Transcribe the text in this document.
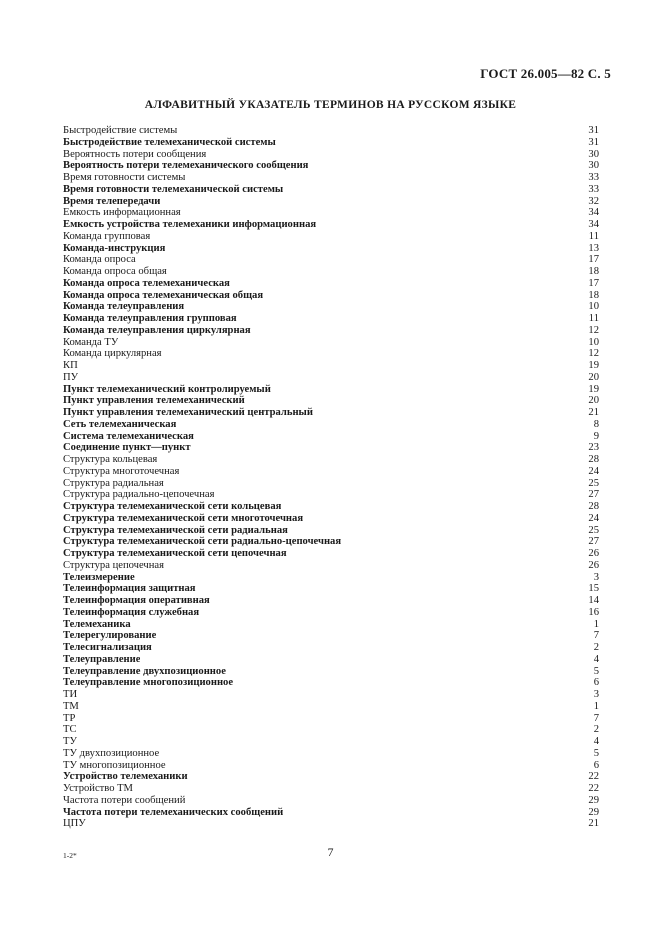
ГОСТ 26.005—82 С. 5
АЛФАВИТНЫЙ УКАЗАТЕЛЬ ТЕРМИНОВ НА РУССКОМ ЯЗЫКЕ
Быстродействие системы	31
Быстродействие телемеханической системы	31
Вероятность потери сообщения	30
Вероятность потери телемеханического сообщения	30
Время готовности системы	33
Время готовности телемеханической системы	33
Время телепередачи	32
Емкость информационная	34
Емкость устройства телемеханики информационная	34
Команда групповая	11
Команда-инструкция	13
Команда опроса	17
Команда опроса общая	18
Команда опроса телемеханическая	17
Команда опроса телемеханическая общая	18
Команда телеуправления	10
Команда телеуправления групповая	11
Команда телеуправления циркулярная	12
Команда ТУ	10
Команда циркулярная	12
КП	19
ПУ	20
Пункт телемеханический контролируемый	19
Пункт управления телемеханический	20
Пункт управления телемеханический центральный	21
Сеть телемеханическая	8
Система телемеханическая	9
Соединение пункт—пункт	23
Структура кольцевая	28
Структура многоточечная	24
Структура радиальная	25
Структура радиально-цепочечная	27
Структура телемеханической сети кольцевая	28
Структура телемеханической сети многоточечная	24
Структура телемеханической сети радиальная	25
Структура телемеханической сети радиально-цепочечная	27
Структура телемеханической сети цепочечная	26
Структура цепочечная	26
Телеизмерение	3
Телеинформация защитная	15
Телеинформация оперативная	14
Телеинформация служебная	16
Телемеханика	1
Телерегулирование	7
Телесигнализация	2
Телеуправление	4
Телеуправление двухпозиционное	5
Телеуправление многопозиционное	6
ТИ	3
ТМ	1
ТР	7
ТС	2
ТУ	4
ТУ двухпозиционное	5
ТУ многопозиционное	6
Устройство телемеханики	22
Устройство ТМ	22
Частота потери сообщений	29
Частота потери телемеханических сообщений	29
ЦПУ	21
1-2*	7
